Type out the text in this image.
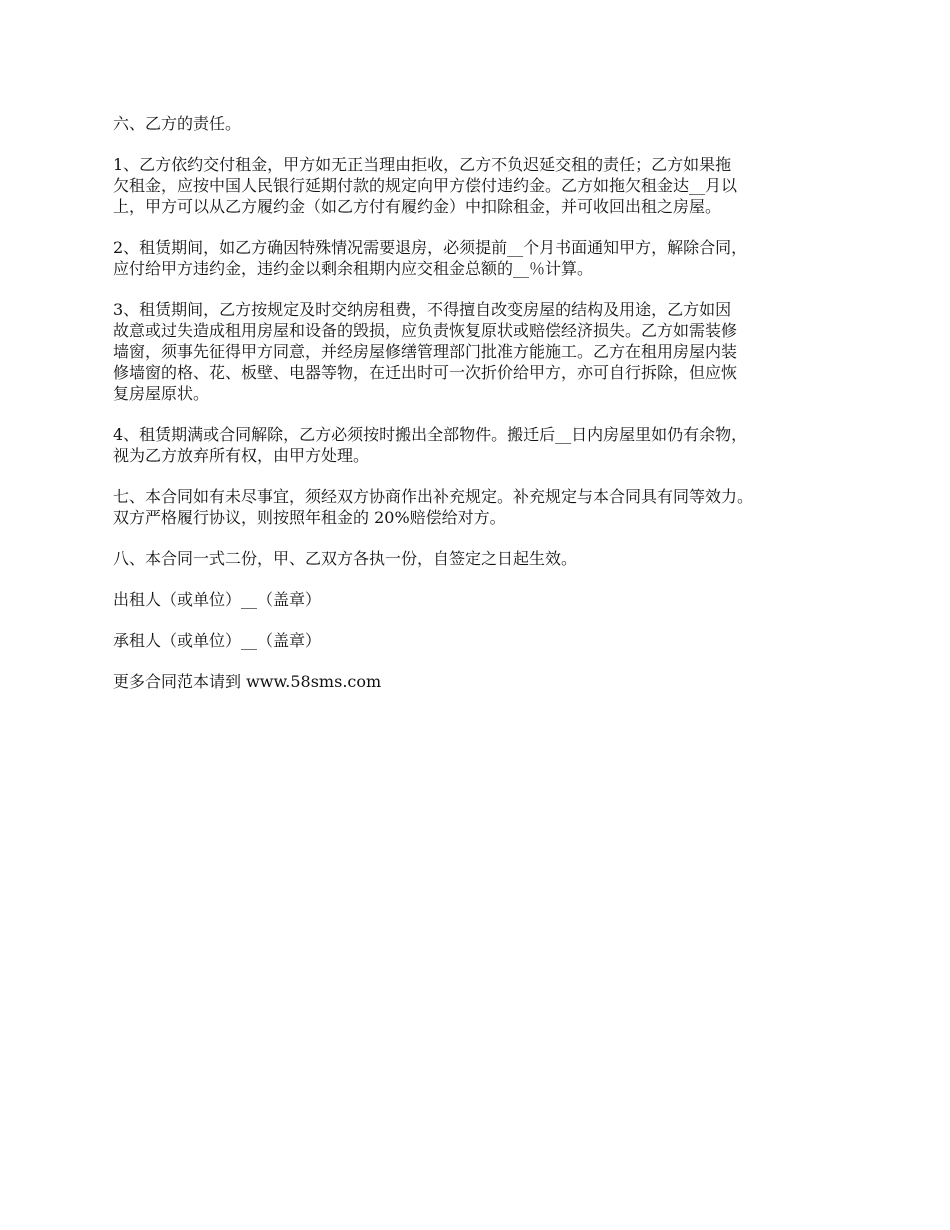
六、乙方的责任。

1、乙方依约交付租金，甲方如无正当理由拒收，乙方不负迟延交租的责任；乙方如果拖
欠租金，应按中国人民银行延期付款的规定向甲方偿付违约金。乙方如拖欠租金达__月以
上，甲方可以从乙方履约金（如乙方付有履约金）中扣除租金，并可收回出租之房屋。

2、租赁期间，如乙方确因特殊情况需要退房，必须提前__个月书面通知甲方，解除合同，
应付给甲方违约金，违约金以剩余租期内应交租金总额的__％计算。

3、租赁期间，乙方按规定及时交纳房租费，不得擅自改变房屋的结构及用途，乙方如因
故意或过失造成租用房屋和设备的毁损，应负责恢复原状或赔偿经济损失。乙方如需装修
墙窗，须事先征得甲方同意，并经房屋修缮管理部门批准方能施工。乙方在租用房屋内装
修墙窗的格、花、板壁、电器等物，在迁出时可一次折价给甲方，亦可自行拆除，但应恢
复房屋原状。

4、租赁期满或合同解除，乙方必须按时搬出全部物件。搬迁后__日内房屋里如仍有余物，
视为乙方放弃所有权，由甲方处理。

七、本合同如有未尽事宜，须经双方协商作出补充规定。补充规定与本合同具有同等效力。
双方严格履行协议，则按照年租金的 20%赔偿给对方。

八、本合同一式二份，甲、乙双方各执一份，自签定之日起生效。

出租人（或单位）__（盖章）

承租人（或单位）__（盖章）

更多合同范本请到 www.58sms.com
